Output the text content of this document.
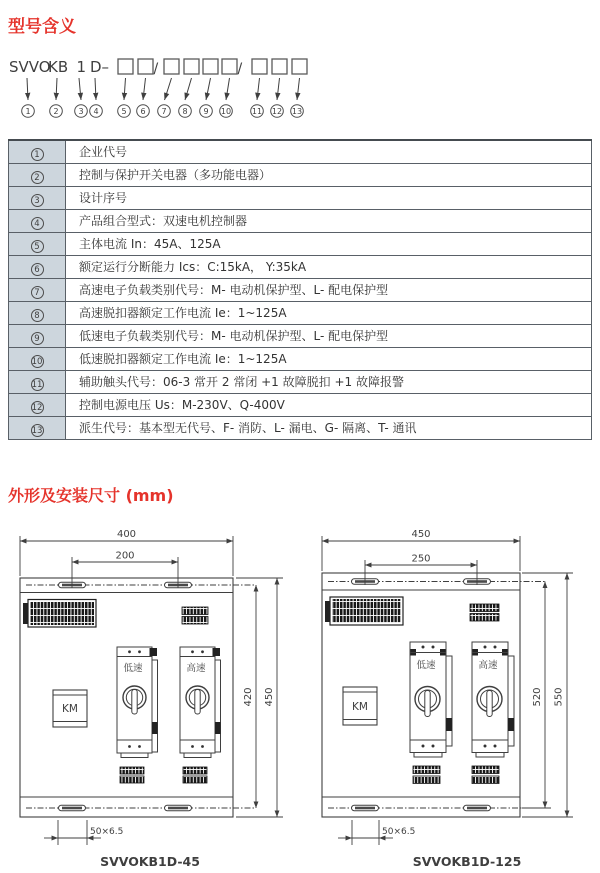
型号含义
SVVO
KB 1 D –	/	/
1	2 3 4	5 6 7 8 9 10	11 12 13
1	企业代号
2	控制与保护开关电器（多功能电器）
3	设计序号
4	产品组合型式：双速电机控制器
5	主体电流 In：45A、125A
6	额定运行分断能力 Ics：C:15kA， Y:35kA
7	高速电子负载类别代号：M- 电动机保护型、L- 配电保护型
8	高速脱扣器额定工作电流 Ie：1~125A
9	低速电子负载类别代号：M- 电动机保护型、L- 配电保护型
10	低速脱扣器额定工作电流 Ie：1~125A
11	辅助触头代号：06-3 常开 2 常闭 +1 故障脱扣 +1 故障报警
12	控制电源电压 Us：M-230V、Q-400V
13	派生代号：基本型无代号、F- 消防、L- 漏电、G- 隔离、T- 通讯
外形及安装尺寸 (mm)
低速	高速
KM
400
200
420 450
50×6.5
SVVOKB1D-45
低速	高速
KM
450
250
520 550
50×6.5
SVVOKB1D-125
